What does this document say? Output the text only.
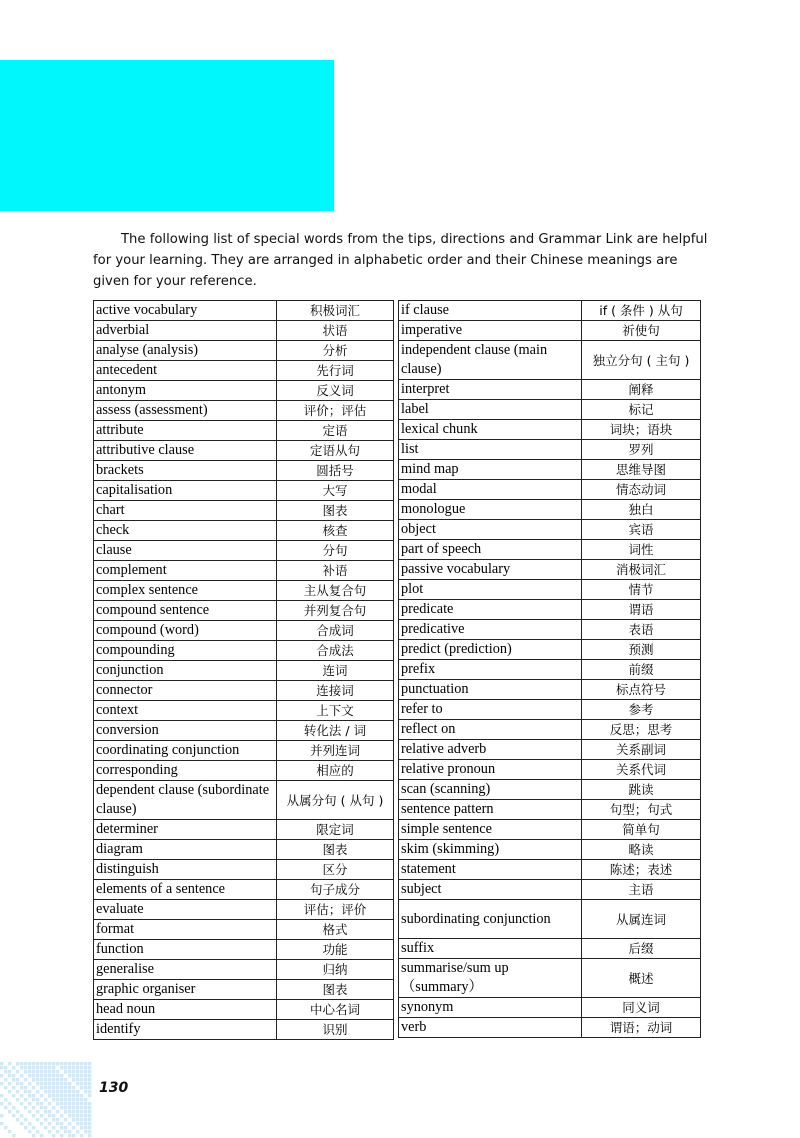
The following list of special words from the tips, directions and Grammar Link are helpful for your learning. They are arranged in alphabetic order and their Chinese meanings are given for your reference.

active vocabulary	积极词汇
adverbial	状语
analyse (analysis)	分析
antecedent	先行词
antonym	反义词
assess (assessment)	评价；评估
attribute	定语
attributive clause	定语从句
brackets	圆括号
capitalisation	大写
chart	图表
check	核查
clause	分句
complement	补语
complex sentence	主从复合句
compound sentence	并列复合句
compound (word)	合成词
compounding	合成法
conjunction	连词
connector	连接词
context	上下文
conversion	转化法 / 词
coordinating conjunction	并列连词
corresponding	相应的
dependent clause (subordinate clause)	从属分句 ( 从句 )
determiner	限定词
diagram	图表
distinguish	区分
elements of a sentence	句子成分
evaluate	评估；评价
format	格式
function	功能
generalise	归纳
graphic organiser	图表
head noun	中心名词
identify	识别
if clause	if ( 条件 ) 从句
imperative	祈使句
independent clause (main clause)	独立分句 ( 主句 )
interpret	阐释
label	标记
lexical chunk	词块；语块
list	罗列
mind map	思维导图
modal	情态动词
monologue	独白
object	宾语
part of speech	词性
passive vocabulary	消极词汇
plot	情节
predicate	谓语
predicative	表语
predict (prediction)	预测
prefix	前缀
punctuation	标点符号
refer to	参考
reflect on	反思；思考
relative adverb	关系副词
relative pronoun	关系代词
scan (scanning)	跳读
sentence pattern	句型；句式
simple sentence	简单句
skim (skimming)	略读
statement	陈述；表述
subject	主语
subordinating conjunction	从属连词
suffix	后缀
summarise/sum up （summary）	概述
synonym	同义词
verb	谓语；动词
130
